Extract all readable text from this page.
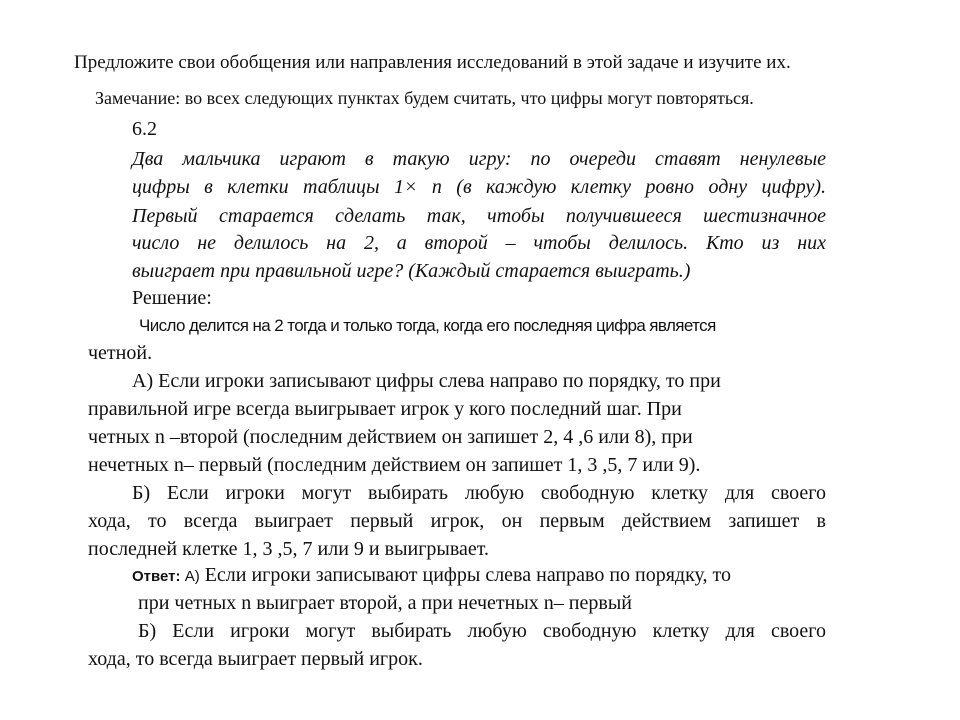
Предложите свои обобщения или направления исследований в этой задаче и изучите их.
Замечание: во всех следующих пунктах будем считать, что цифры могут повторяться.
6.2
Два мальчика играют в такую игру: по очереди ставят ненулевые
цифры в клетки таблицы 1× n (в каждую клетку ровно одну цифру).
Первый старается сделать так, чтобы получившееся шестизначное
число не делилось на 2, а второй – чтобы делилось. Кто из них
выиграет при правильной игре? (Каждый старается выиграть.)
Решение:
Число делится на 2 тогда и только тогда, когда его последняя цифра является
четной.
А) Если игроки записывают цифры слева направо по порядку, то при
правильной игре всегда выигрывает игрок у кого последний шаг. При
четных n –второй (последним действием он запишет 2, 4 ,6 или 8), при
нечетных n– первый (последним действием он запишет 1, 3 ,5, 7 или 9).
Б) Если игроки могут выбирать любую свободную клетку для своего
хода, то всегда выиграет первый игрок, он первым действием запишет в
последней клетке 1, 3 ,5, 7 или 9 и выигрывает.
Ответ: А) Если игроки записывают цифры слева направо по порядку, то
при четных n выиграет второй, а при нечетных n– первый
Б) Если игроки могут выбирать любую свободную клетку для своего
хода, то всегда выиграет первый игрок.
